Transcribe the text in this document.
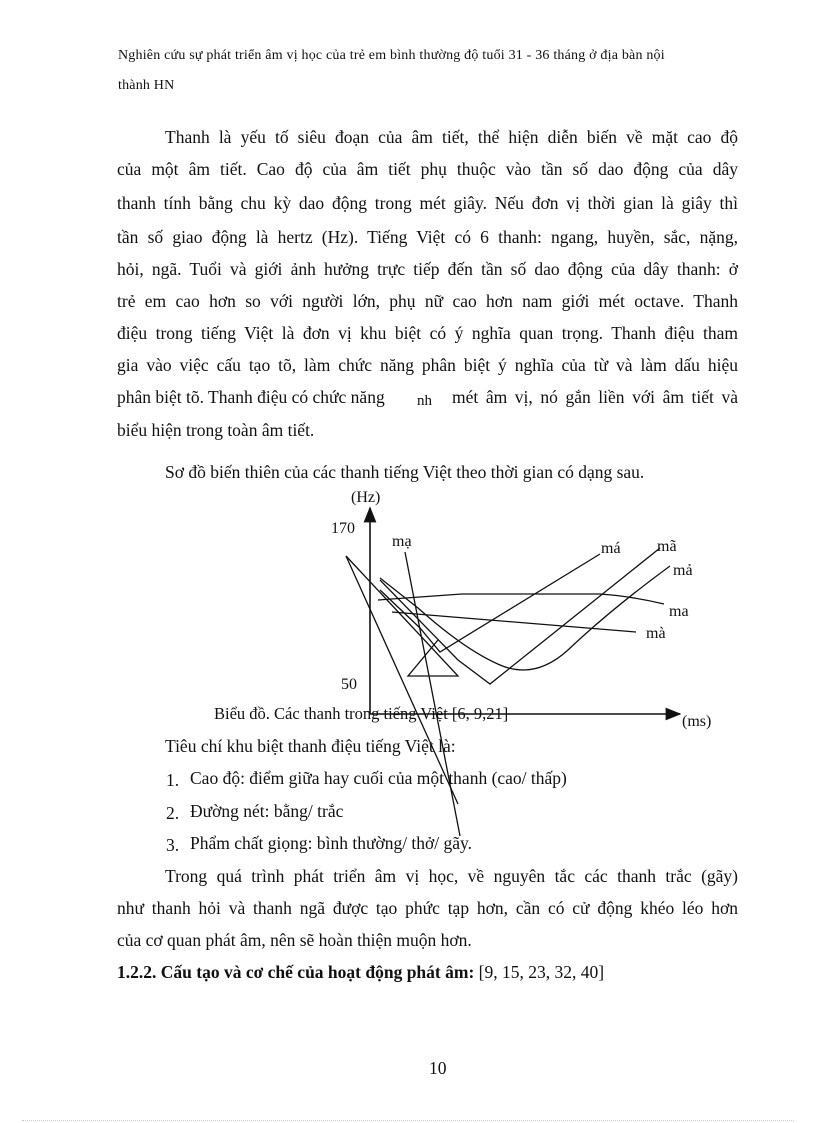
Nghiên cứu sự phát triển âm vị học của trẻ em bình thường độ tuổi 31 - 36 tháng ở địa bàn nội
thành HN
Thanh là yếu tố siêu đoạn của âm tiết, thể hiện diễn biến về mặt cao độ
của một âm tiết. Cao độ của âm tiết phụ thuộc vào tần số dao động của dây
thanh tính bằng chu kỳ dao động trong mét giây. Nếu đơn vị thời gian là giây thì
tần số giao động là hertz (Hz). Tiếng Việt có 6 thanh: ngang, huyền, sắc, nặng,
hỏi, ngã. Tuổi và giới ảnh hưởng trực tiếp đến tần số dao động của dây thanh: ở
trẻ em cao hơn so với người lớn, phụ nữ cao hơn nam giới mét octave. Thanh
điệu trong tiếng Việt là đơn vị khu biệt có ý nghĩa quan trọng. Thanh điệu tham
gia vào việc cấu tạo tõ, làm chức năng phân biệt ý nghĩa của từ và làm dấu hiệu
phân biệt tõ. Thanh điệu có chức năng nh mét âm vị, nó gắn liền với âm tiết và
biểu hiện trong toàn âm tiết.
Sơ đồ biến thiên của các thanh tiếng Việt theo thời gian có dạng sau.
(Hz)
170
50
(ms)
mạ	má mã
mả
ma
mà
Biểu đồ. Các thanh trong tiếng Việt [6, 9,21]
Tiêu chí khu biệt thanh điệu tiếng Việt là:
1. Cao độ: điểm giữa hay cuối của một thanh (cao/ thấp)
2. Đường nét: bằng/ trắc
3. Phẩm chất giọng: bình thường/ thở/ gãy.
Trong quá trình phát triển âm vị học, về nguyên tắc các thanh trắc (gãy)
như thanh hỏi và thanh ngã được tạo phức tạp hơn, cần có cử động khéo léo hơn
của cơ quan phát âm, nên sẽ hoàn thiện muộn hơn.
1.2.2. Cấu tạo và cơ chế của hoạt động phát âm: [9, 15, 23, 32, 40]
10
